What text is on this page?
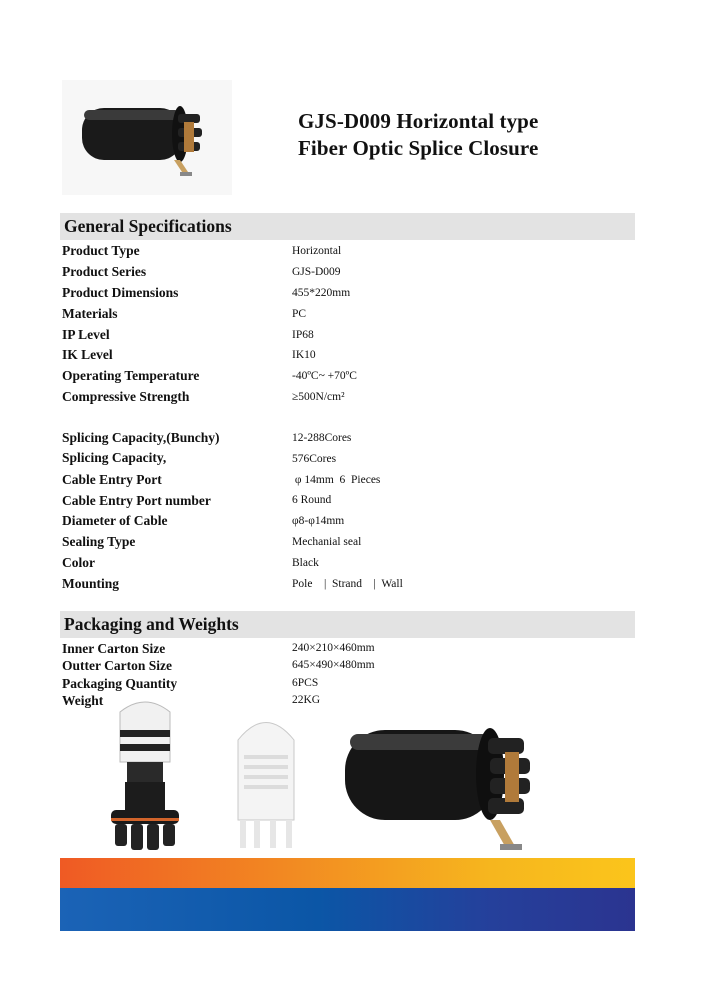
GJS-D009 Horizontal type
Fiber Optic Splice Closure
General Specifications
Product Type	Horizontal
Product Series	GJS-D009
Product Dimensions	455*220mm
Materials	PC
IP Level	IP68
IK Level	IK10
Operating Temperature	-40ºC~ +70ºC
Compressive Strength	≥500N/cm²
Splicing Capacity,(Bunchy)	12-288Cores
Splicing Capacity,	576Cores
Cable Entry Port	φ 14mm  6  Pieces
Cable Entry Port number	6 Round
Diameter of Cable	φ8-φ14mm
Sealing Type	Mechanial seal
Color	Black
Mounting	Pole    |  Strand    |  Wall
Packaging and Weights
Inner Carton Size	240×210×460mm
Outter Carton Size	645×490×480mm
Packaging Quantity	6PCS
Weight	22KG
